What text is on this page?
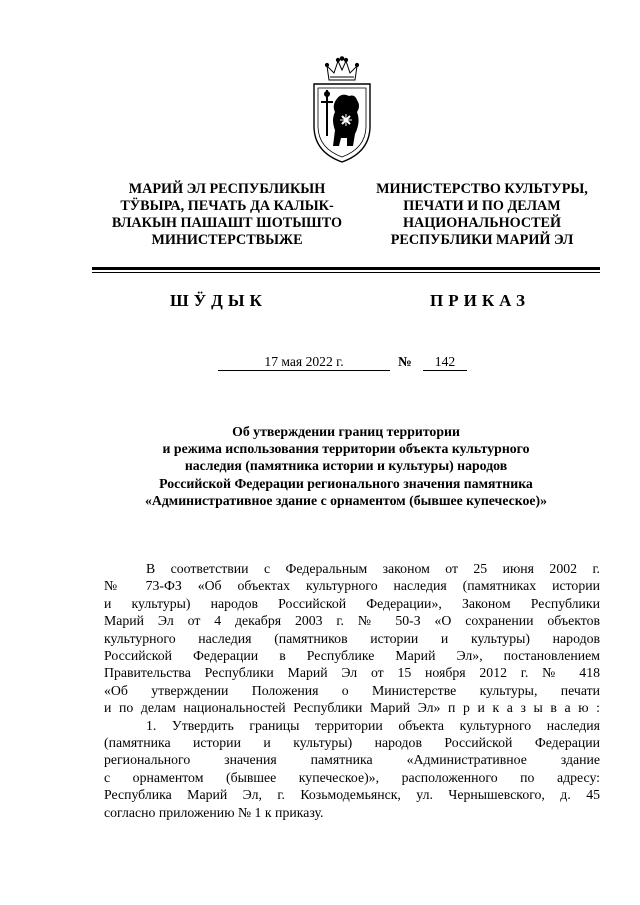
МАРИЙ ЭЛ РЕСПУБЛИКЫН
ТӰВЫРА, ПЕЧАТЬ ДА КАЛЫК-
ВЛАКЫН ПАШАШТ ШОТЫШТО
МИНИСТЕРСТВЫЖЕ
МИНИСТЕРСТВО КУЛЬТУРЫ,
ПЕЧАТИ И ПО ДЕЛАМ
НАЦИОНАЛЬНОСТЕЙ
РЕСПУБЛИКИ МАРИЙ ЭЛ
ШӰДЫК	ПРИКАЗ
17 мая 2022 г.	№	142
Об утверждении границ территории
и режима использования территории объекта культурного
наследия (памятника истории и культуры) народов
Российской Федерации регионального значения памятника
«Административное здание с орнаментом (бывшее купеческое)»
В соответствии с Федеральным законом от 25 июня 2002 г.
№ 73-ФЗ «Об объектах культурного наследия (памятниках истории
и культуры) народов Российской Федерации», Законом Республики
Марий Эл от 4 декабря 2003 г. № 50-З «О сохранении объектов
культурного наследия (памятников истории и культуры) народов
Российской Федерации в Республике Марий Эл», постановлением
Правительства Республики Марий Эл от 15 ноября 2012 г. № 418
«Об утверждении Положения о Министерстве культуры, печати
и по делам национальностей Республики Марий Эл» п р и к а з ы в а ю :
1. Утвердить границы территории объекта культурного наследия
(памятника истории и культуры) народов Российской Федерации
регионального значения памятника «Административное здание
с орнаментом (бывшее купеческое)», расположенного по адресу:
Республика Марий Эл, г. Козьмодемьянск, ул. Чернышевского, д. 45
согласно приложению № 1 к приказу.
